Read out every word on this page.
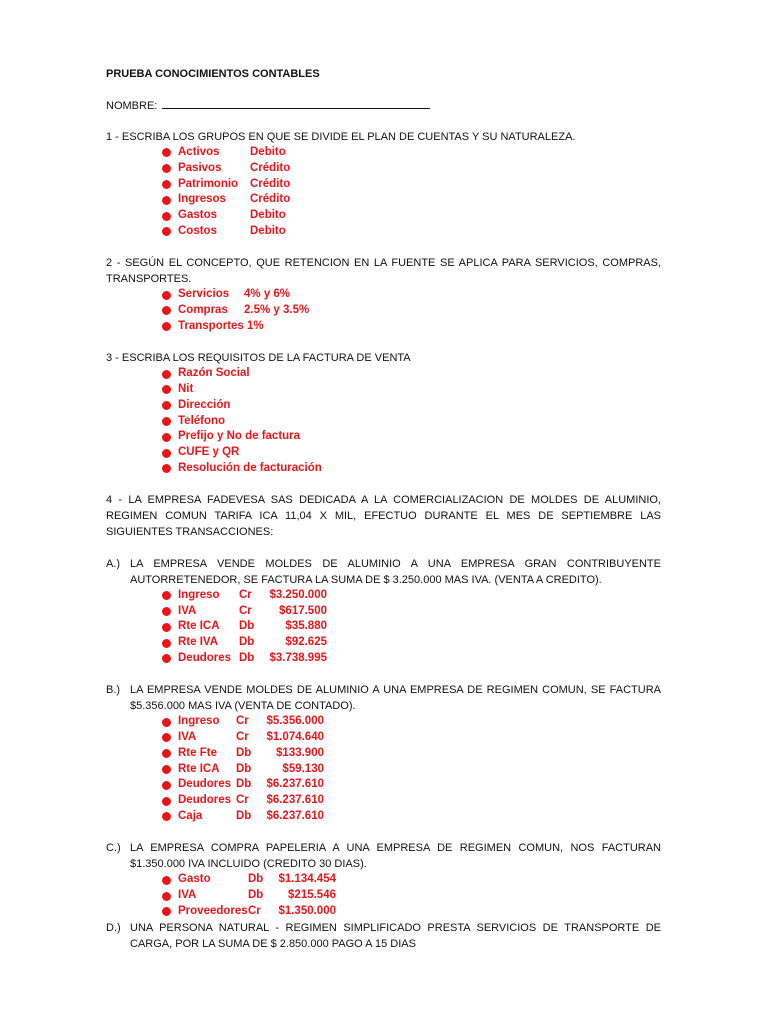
PRUEBA CONOCIMIENTOS CONTABLES

NOMBRE:

1 - ESCRIBA LOS GRUPOS EN QUE SE DIVIDE EL PLAN DE CUENTAS Y SU NATURALEZA.

Activos	Debito
Pasivos	Crédito
Patrimonio	Crédito
Ingresos	Crédito
Gastos	Debito
Costos	Debito

2 - SEGÚN EL CONCEPTO, QUE RETENCION EN LA FUENTE SE APLICA PARA SERVICIOS, COMPRAS, TRANSPORTES.

Servicios	4% y 6%
Compras	2.5% y 3.5%
Transportes 1%

3 - ESCRIBA LOS REQUISITOS DE LA FACTURA DE VENTA

Razón Social
Nit
Dirección
Teléfono
Prefijo y No de factura
CUFE y QR
Resolución de facturación

4 - LA EMPRESA FADEVESA SAS DEDICADA A LA COMERCIALIZACION DE MOLDES DE ALUMINIO, REGIMEN COMUN TARIFA ICA 11,04 X MIL, EFECTUO DURANTE EL MES DE SEPTIEMBRE LAS SIGUIENTES TRANSACCIONES:

A.) LA EMPRESA VENDE MOLDES DE ALUMINIO A UNA EMPRESA GRAN CONTRIBUYENTE AUTORRETENEDOR, SE FACTURA LA SUMA DE $ 3.250.000 MAS IVA. (VENTA A CREDITO).
Ingreso	Cr	$3.250.000
IVA	Cr	$617.500
Rte ICA	Db	$35.880
Rte IVA	Db	$92.625
Deudores Db	$3.738.995
B.) LA EMPRESA VENDE MOLDES DE ALUMINIO A UNA EMPRESA DE REGIMEN COMUN, SE FACTURA $5.356.000 MAS IVA (VENTA DE CONTADO).
Ingreso	Cr	$5.356.000
IVA	Cr	$1.074.640
Rte Fte	Db	$133.900
Rte ICA	Db	$59.130
Deudores Db	$6.237.610
Deudores Cr	$6.237.610
Caja	Db	$6.237.610
C.) LA EMPRESA COMPRA PAPELERIA A UNA EMPRESA DE REGIMEN COMUN, NOS FACTURAN $1.350.000 IVA INCLUIDO (CREDITO 30 DIAS).
Gasto	Db	$1.134.454
IVA	Db	$215.546
Proveedores Cr	$1.350.000
D.) UNA PERSONA NATURAL - REGIMEN SIMPLIFICADO PRESTA SERVICIOS DE TRANSPORTE DE CARGA, POR LA SUMA DE $ 2.850.000 PAGO A 15 DIAS
